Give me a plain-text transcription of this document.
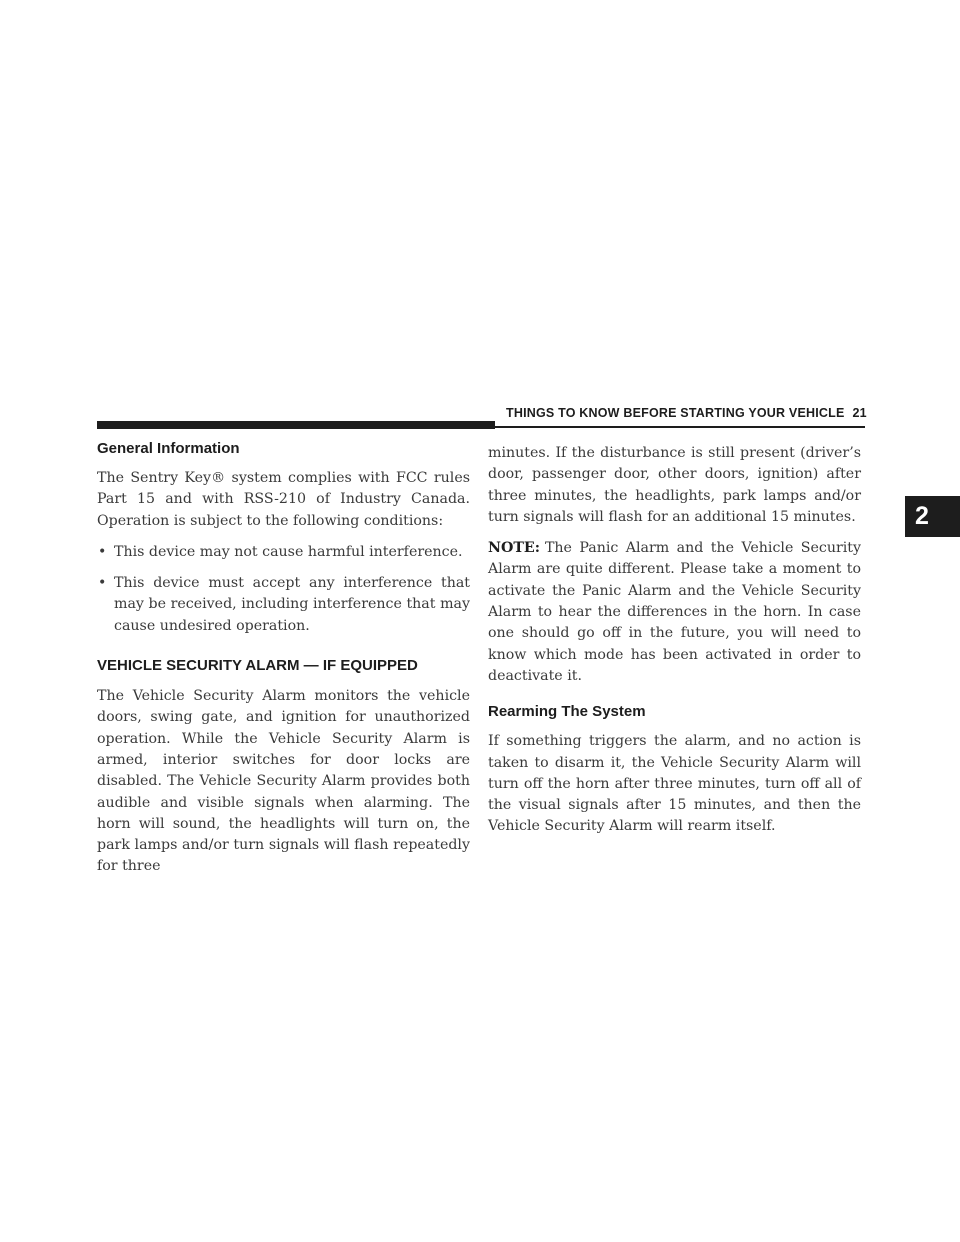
THINGS TO KNOW BEFORE STARTING YOUR VEHICLE 21
2
General Information

The Sentry Key® system complies with FCC rules Part 15 and with RSS-210 of Industry Canada. Operation is subject to the following conditions:

• This device may not cause harmful interference.
• This device must accept any interference that may be received, including interference that may cause undesired operation.
VEHICLE SECURITY ALARM — IF EQUIPPED

The Vehicle Security Alarm monitors the vehicle doors, swing gate, and ignition for unauthorized operation. While the Vehicle Security Alarm is armed, interior switches for door locks are disabled. The Vehicle Security Alarm provides both audible and visible signals when alarming. The horn will sound, the headlights will turn on, the park lamps and/or turn signals will flash repeatedly for three

minutes. If the disturbance is still present (driver’s door, passenger door, other doors, ignition) after three minutes, the headlights, park lamps and/or turn signals will flash for an additional 15 minutes.

NOTE: The Panic Alarm and the Vehicle Security Alarm are quite different. Please take a moment to activate the Panic Alarm and the Vehicle Security Alarm to hear the differences in the horn. In case one should go off in the future, you will need to know which mode has been activated in order to deactivate it.

Rearming The System

If something triggers the alarm, and no action is taken to disarm it, the Vehicle Security Alarm will turn off the horn after three minutes, turn off all of the visual signals after 15 minutes, and then the Vehicle Security Alarm will rearm itself.
